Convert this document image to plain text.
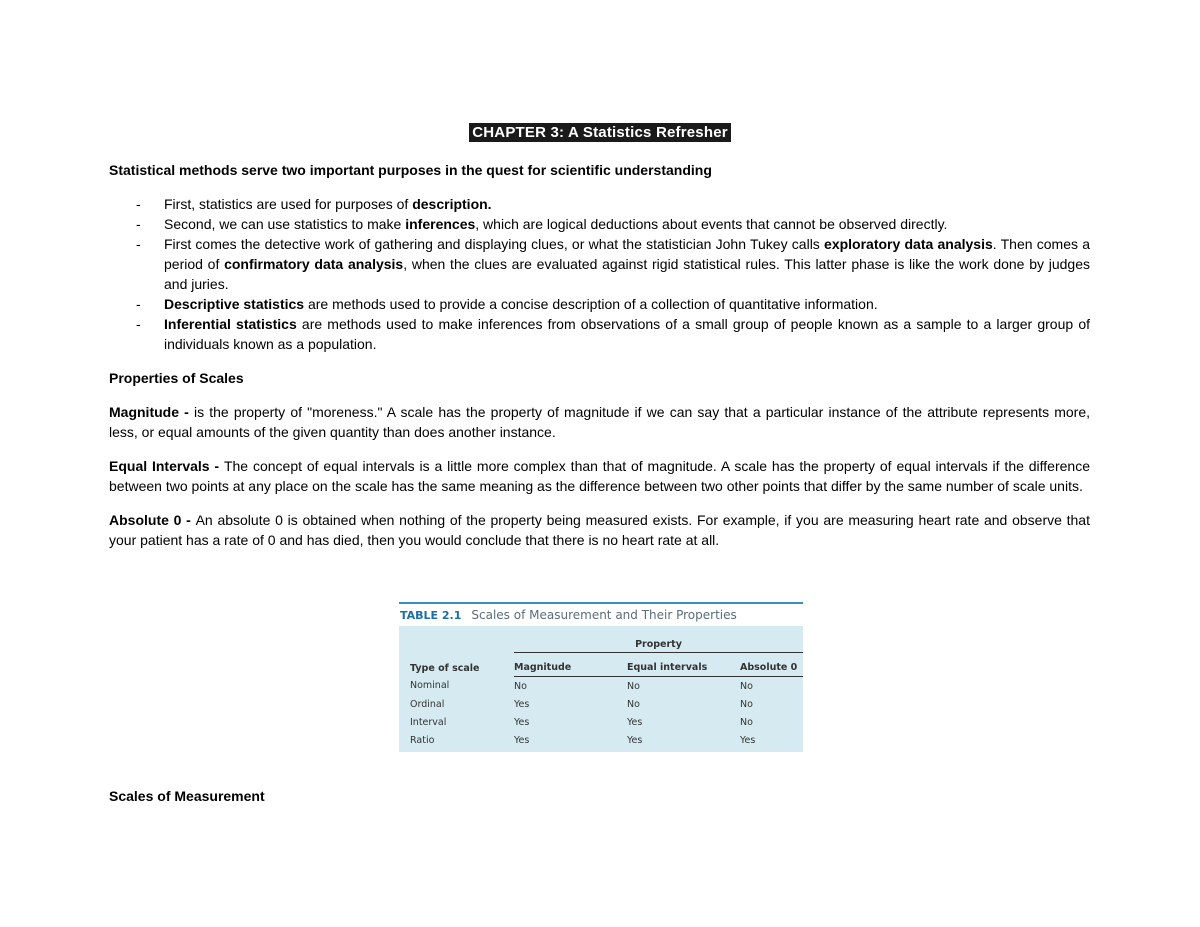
CHAPTER 3: A Statistics Refresher

Statistical methods serve two important purposes in the quest for scientific understanding

- First, statistics are used for purposes of description.
- Second, we can use statistics to make inferences, which are logical deductions about events that cannot be observed directly.
- First comes the detective work of gathering and displaying clues, or what the statistician John Tukey calls exploratory data analysis. Then comes a period of confirmatory data analysis, when the clues are evaluated against rigid statistical rules. This latter phase is like the work done by judges and juries.
- Descriptive statistics are methods used to provide a concise description of a collection of quantitative information.
- Inferential statistics are methods used to make inferences from observations of a small group of people known as a sample to a larger group of individuals known as a population.

Properties of Scales

Magnitude - is the property of "moreness." A scale has the property of magnitude if we can say that a particular instance of the attribute represents more, less, or equal amounts of the given quantity than does another instance.

Equal Intervals - The concept of equal intervals is a little more complex than that of magnitude. A scale has the property of equal intervals if the difference between two points at any place on the scale has the same meaning as the difference between two other points that differ by the same number of scale units.

Absolute 0 - An absolute 0 is obtained when nothing of the property being measured exists. For example, if you are measuring heart rate and observe that your patient has a rate of 0 and has died, then you would conclude that there is no heart rate at all.

TABLE 2.1 Scales of Measurement and Their Properties
	Property		
Type of scale	Magnitude	Equal intervals	Absolute 0
Nominal	No	No	No
Ordinal	Yes	No	No
Interval	Yes	Yes	No
Ratio	Yes	Yes	Yes
Scales of Measurement
